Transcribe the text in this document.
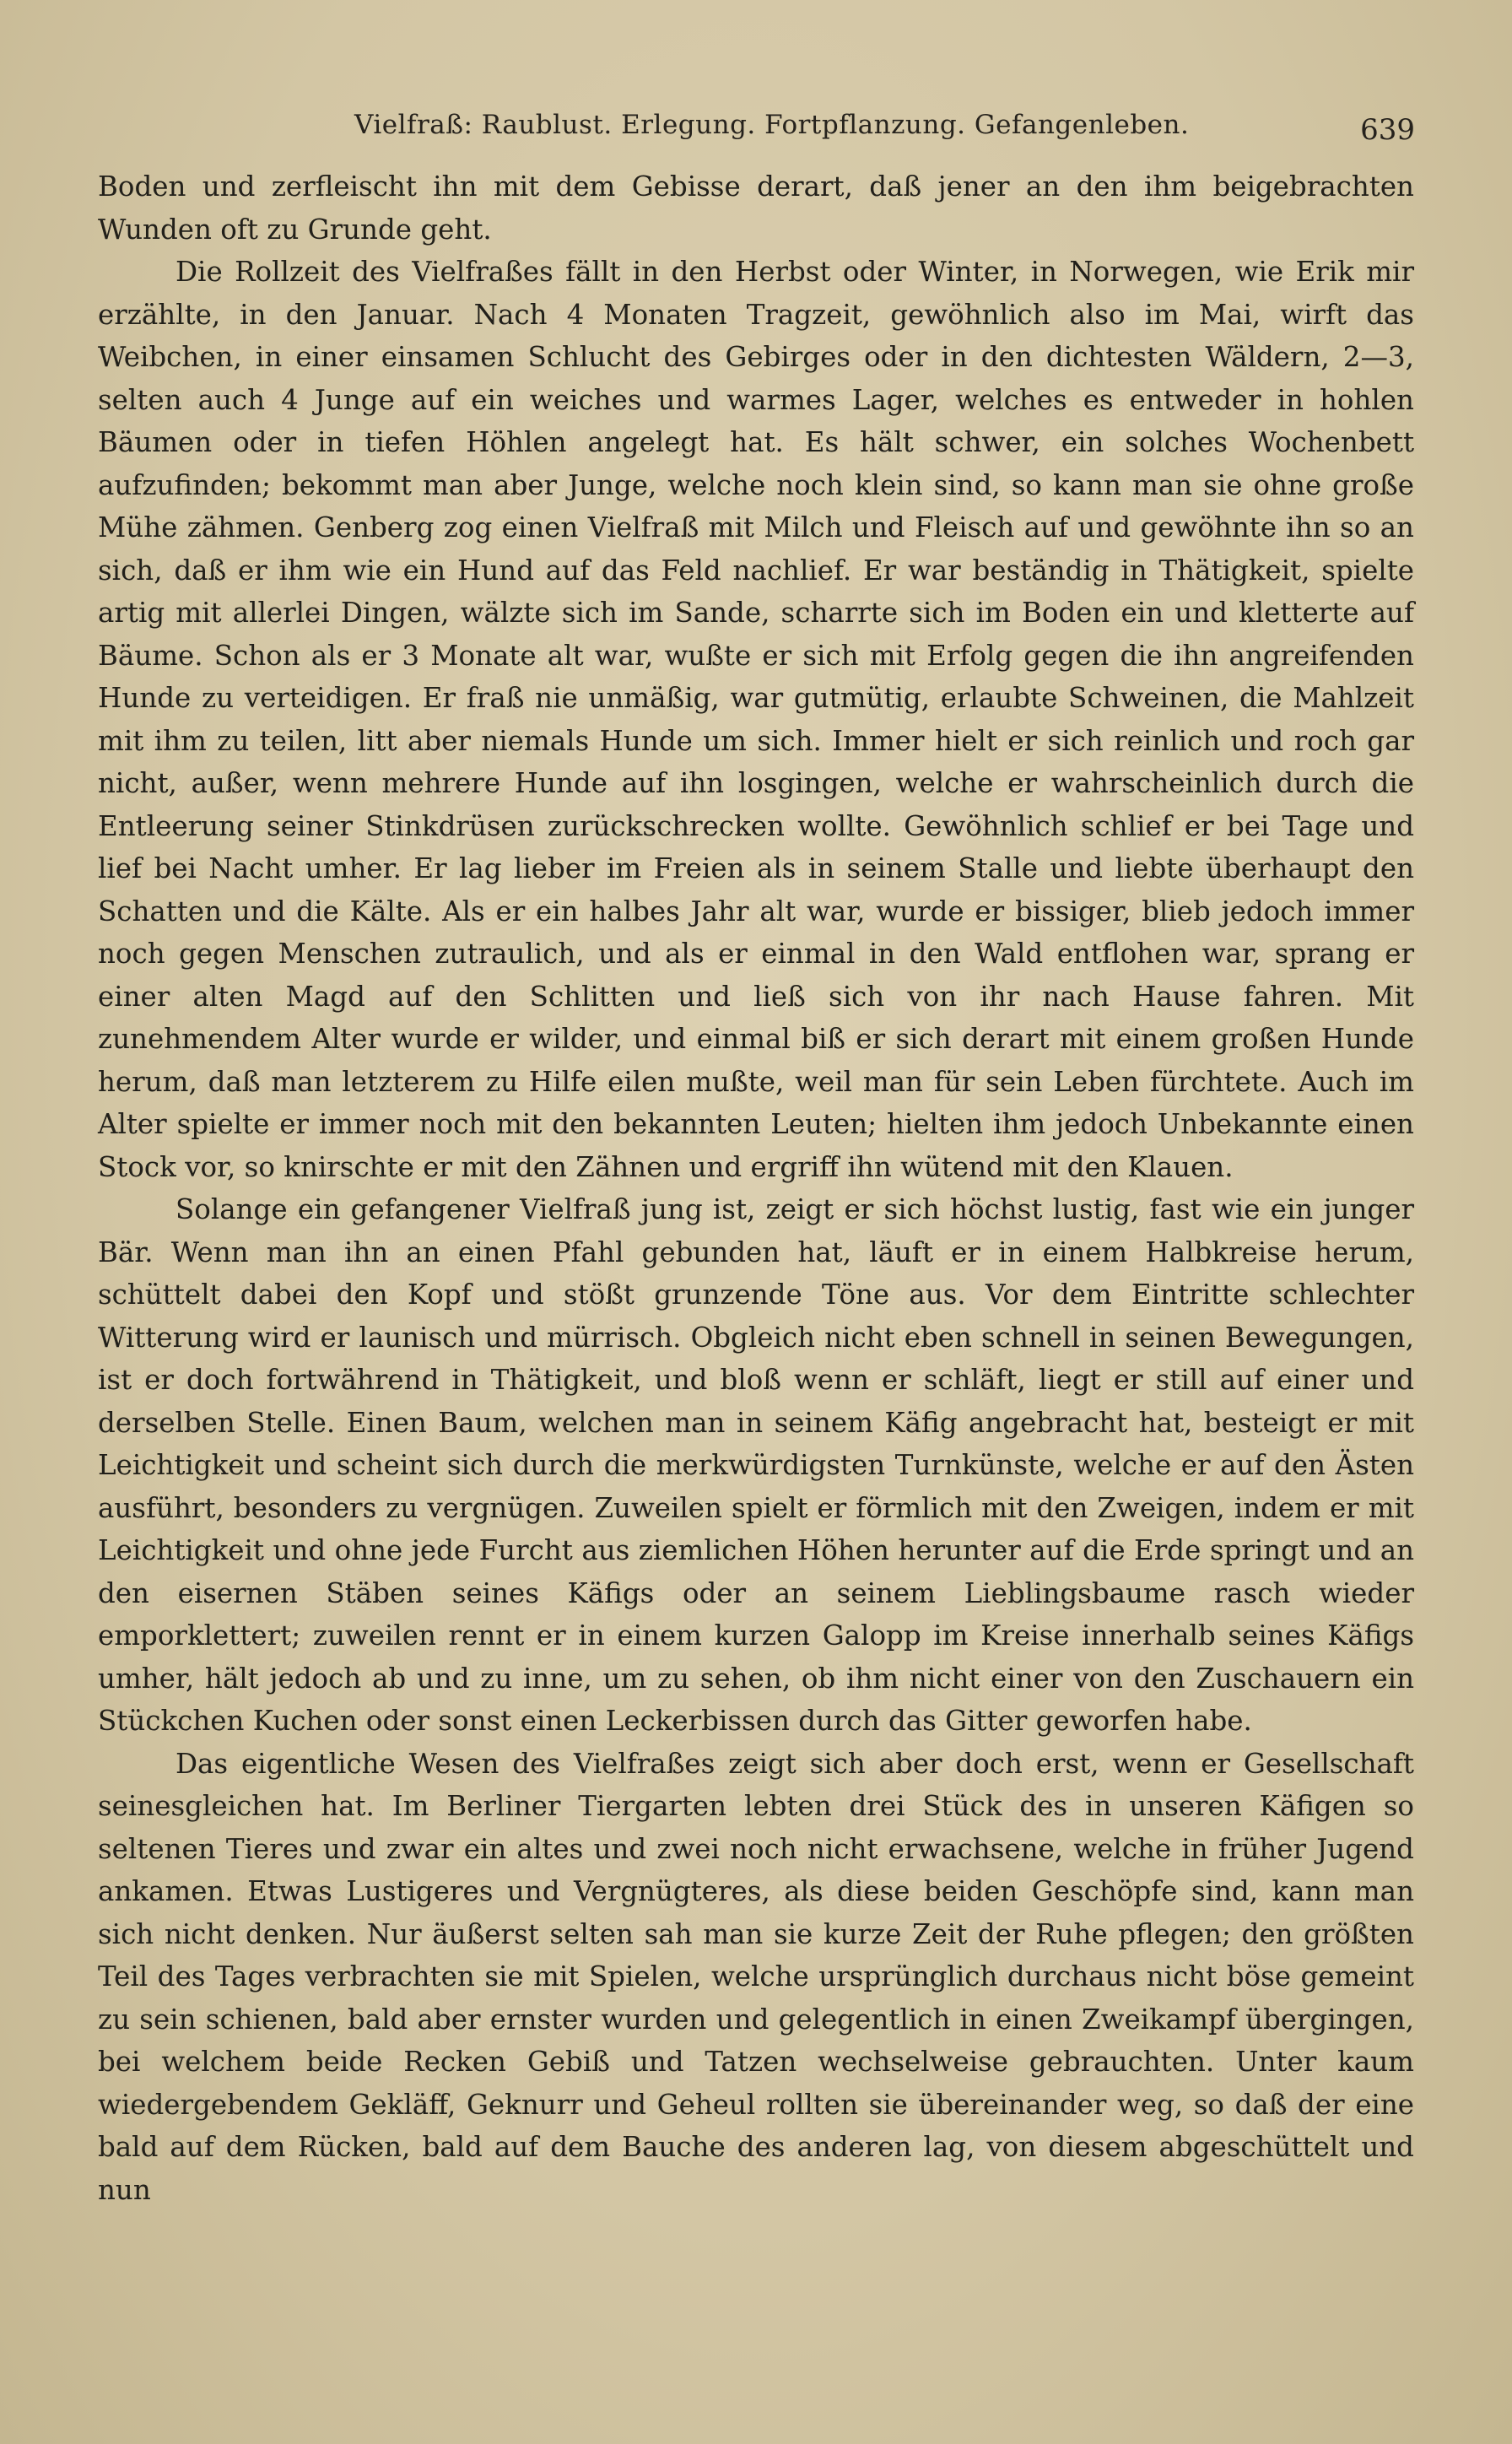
Vielfraß: Raublust. Erlegung. Fortpflanzung. Gefangenleben.	639

Boden und zerfleischt ihn mit dem Gebisse derart, daß jener an den ihm beigebrachten Wunden oft zu Grunde geht.

Die Rollzeit des Vielfraßes fällt in den Herbst oder Winter, in Norwegen, wie Erik mir erzählte, in den Januar. Nach 4 Monaten Tragzeit, gewöhnlich also im Mai, wirft das Weibchen, in einer einsamen Schlucht des Gebirges oder in den dichtesten Wäldern, 2—3, selten auch 4 Junge auf ein weiches und warmes Lager, welches es entweder in hohlen Bäumen oder in tiefen Höhlen angelegt hat. Es hält schwer, ein solches Wochenbett aufzufinden; bekommt man aber Junge, welche noch klein sind, so kann man sie ohne große Mühe zähmen. Genberg zog einen Vielfraß mit Milch und Fleisch auf und gewöhnte ihn so an sich, daß er ihm wie ein Hund auf das Feld nachlief. Er war beständig in Thätigkeit, spielte artig mit allerlei Dingen, wälzte sich im Sande, scharrte sich im Boden ein und kletterte auf Bäume. Schon als er 3 Monate alt war, wußte er sich mit Erfolg gegen die ihn angreifenden Hunde zu verteidigen. Er fraß nie unmäßig, war gutmütig, erlaubte Schweinen, die Mahlzeit mit ihm zu teilen, litt aber niemals Hunde um sich. Immer hielt er sich reinlich und roch gar nicht, außer, wenn mehrere Hunde auf ihn losgingen, welche er wahrscheinlich durch die Entleerung seiner Stinkdrüsen zurückschrecken wollte. Gewöhnlich schlief er bei Tage und lief bei Nacht umher. Er lag lieber im Freien als in seinem Stalle und liebte überhaupt den Schatten und die Kälte. Als er ein halbes Jahr alt war, wurde er bissiger, blieb jedoch immer noch gegen Menschen zutraulich, und als er einmal in den Wald entflohen war, sprang er einer alten Magd auf den Schlitten und ließ sich von ihr nach Hause fahren. Mit zunehmendem Alter wurde er wilder, und einmal biß er sich derart mit einem großen Hunde herum, daß man letzterem zu Hilfe eilen mußte, weil man für sein Leben fürchtete. Auch im Alter spielte er immer noch mit den bekannten Leuten; hielten ihm jedoch Unbekannte einen Stock vor, so knirschte er mit den Zähnen und ergriff ihn wütend mit den Klauen.

Solange ein gefangener Vielfraß jung ist, zeigt er sich höchst lustig, fast wie ein junger Bär. Wenn man ihn an einen Pfahl gebunden hat, läuft er in einem Halbkreise herum, schüttelt dabei den Kopf und stößt grunzende Töne aus. Vor dem Eintritte schlechter Witterung wird er launisch und mürrisch. Obgleich nicht eben schnell in seinen Bewegungen, ist er doch fortwährend in Thätigkeit, und bloß wenn er schläft, liegt er still auf einer und derselben Stelle. Einen Baum, welchen man in seinem Käfig angebracht hat, besteigt er mit Leichtigkeit und scheint sich durch die merkwürdigsten Turnkünste, welche er auf den Ästen ausführt, besonders zu vergnügen. Zuweilen spielt er förmlich mit den Zweigen, indem er mit Leichtigkeit und ohne jede Furcht aus ziemlichen Höhen herunter auf die Erde springt und an den eisernen Stäben seines Käfigs oder an seinem Lieblingsbaume rasch wieder emporklettert; zuweilen rennt er in einem kurzen Galopp im Kreise innerhalb seines Käfigs umher, hält jedoch ab und zu inne, um zu sehen, ob ihm nicht einer von den Zuschauern ein Stückchen Kuchen oder sonst einen Leckerbissen durch das Gitter geworfen habe.

Das eigentliche Wesen des Vielfraßes zeigt sich aber doch erst, wenn er Gesellschaft seinesgleichen hat. Im Berliner Tiergarten lebten drei Stück des in unseren Käfigen so seltenen Tieres und zwar ein altes und zwei noch nicht erwachsene, welche in früher Jugend ankamen. Etwas Lustigeres und Vergnügteres, als diese beiden Geschöpfe sind, kann man sich nicht denken. Nur äußerst selten sah man sie kurze Zeit der Ruhe pflegen; den größten Teil des Tages verbrachten sie mit Spielen, welche ursprünglich durchaus nicht böse gemeint zu sein schienen, bald aber ernster wurden und gelegentlich in einen Zweikampf übergingen, bei welchem beide Recken Gebiß und Tatzen wechselweise gebrauchten. Unter kaum wiedergebendem Gekläff, Geknurr und Geheul rollten sie übereinander weg, so daß der eine bald auf dem Rücken, bald auf dem Bauche des anderen lag, von diesem abgeschüttelt und nun
